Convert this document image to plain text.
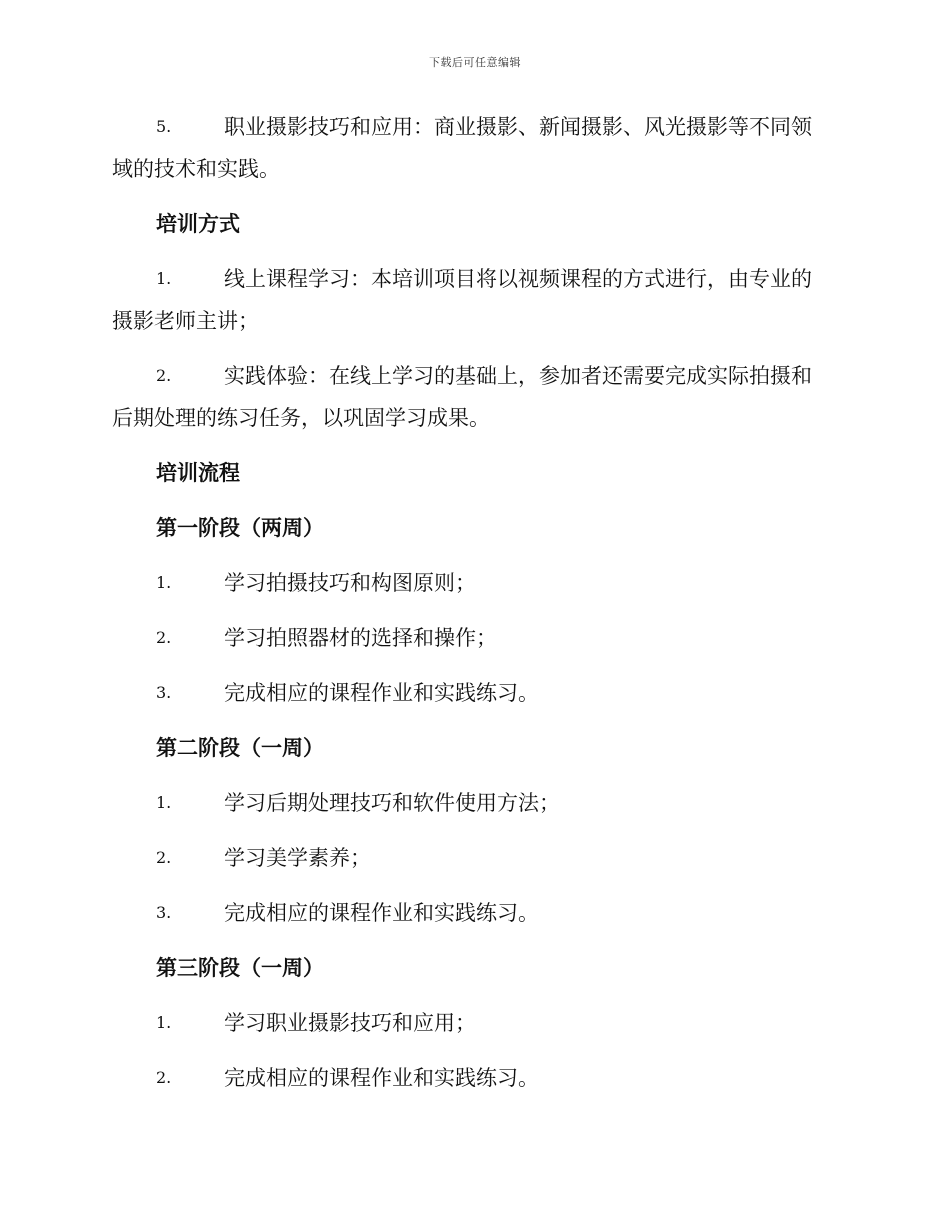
下载后可任意编辑
5.	职业摄影技巧和应用：商业摄影、新闻摄影、风光摄影等不同领
域的技术和实践。
培训方式
1.	线上课程学习：本培训项目将以视频课程的方式进行，由专业的
摄影老师主讲；
2.	实践体验：在线上学习的基础上，参加者还需要完成实际拍摄和
后期处理的练习任务，以巩固学习成果。
培训流程
第一阶段（两周）
1.	学习拍摄技巧和构图原则；
2.	学习拍照器材的选择和操作；
3.	完成相应的课程作业和实践练习。
第二阶段（一周）
1.	学习后期处理技巧和软件使用方法；
2.	学习美学素养；
3.	完成相应的课程作业和实践练习。
第三阶段（一周）
1.	学习职业摄影技巧和应用；
2.	完成相应的课程作业和实践练习。
